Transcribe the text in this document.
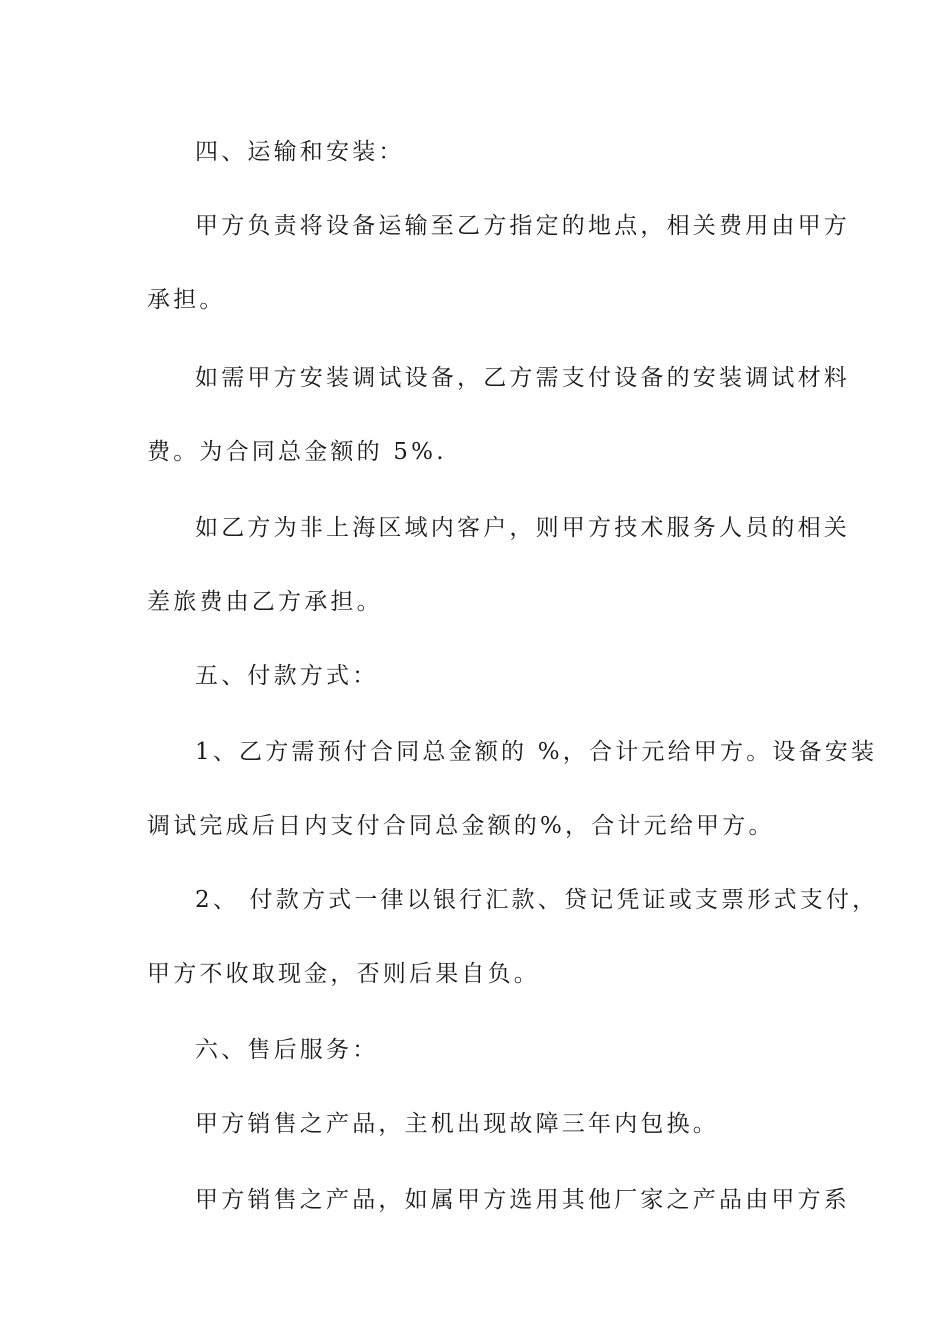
四、运输和安装：
甲方负责将设备运输至乙方指定的地点，相关费用由甲方
承担。
如需甲方安装调试设备，乙方需支付设备的安装调试材料
费。为合同总金额的 5%.
如乙方为非上海区域内客户，则甲方技术服务人员的相关
差旅费由乙方承担。
五、付款方式：
1、乙方需预付合同总金额的 %，合计元给甲方。设备安装
调试完成后日内支付合同总金额的%，合计元给甲方。
2、 付款方式一律以银行汇款、贷记凭证或支票形式支付，
甲方不收取现金，否则后果自负。
六、售后服务：
甲方销售之产品，主机出现故障三年内包换。
甲方销售之产品，如属甲方选用其他厂家之产品由甲方系
